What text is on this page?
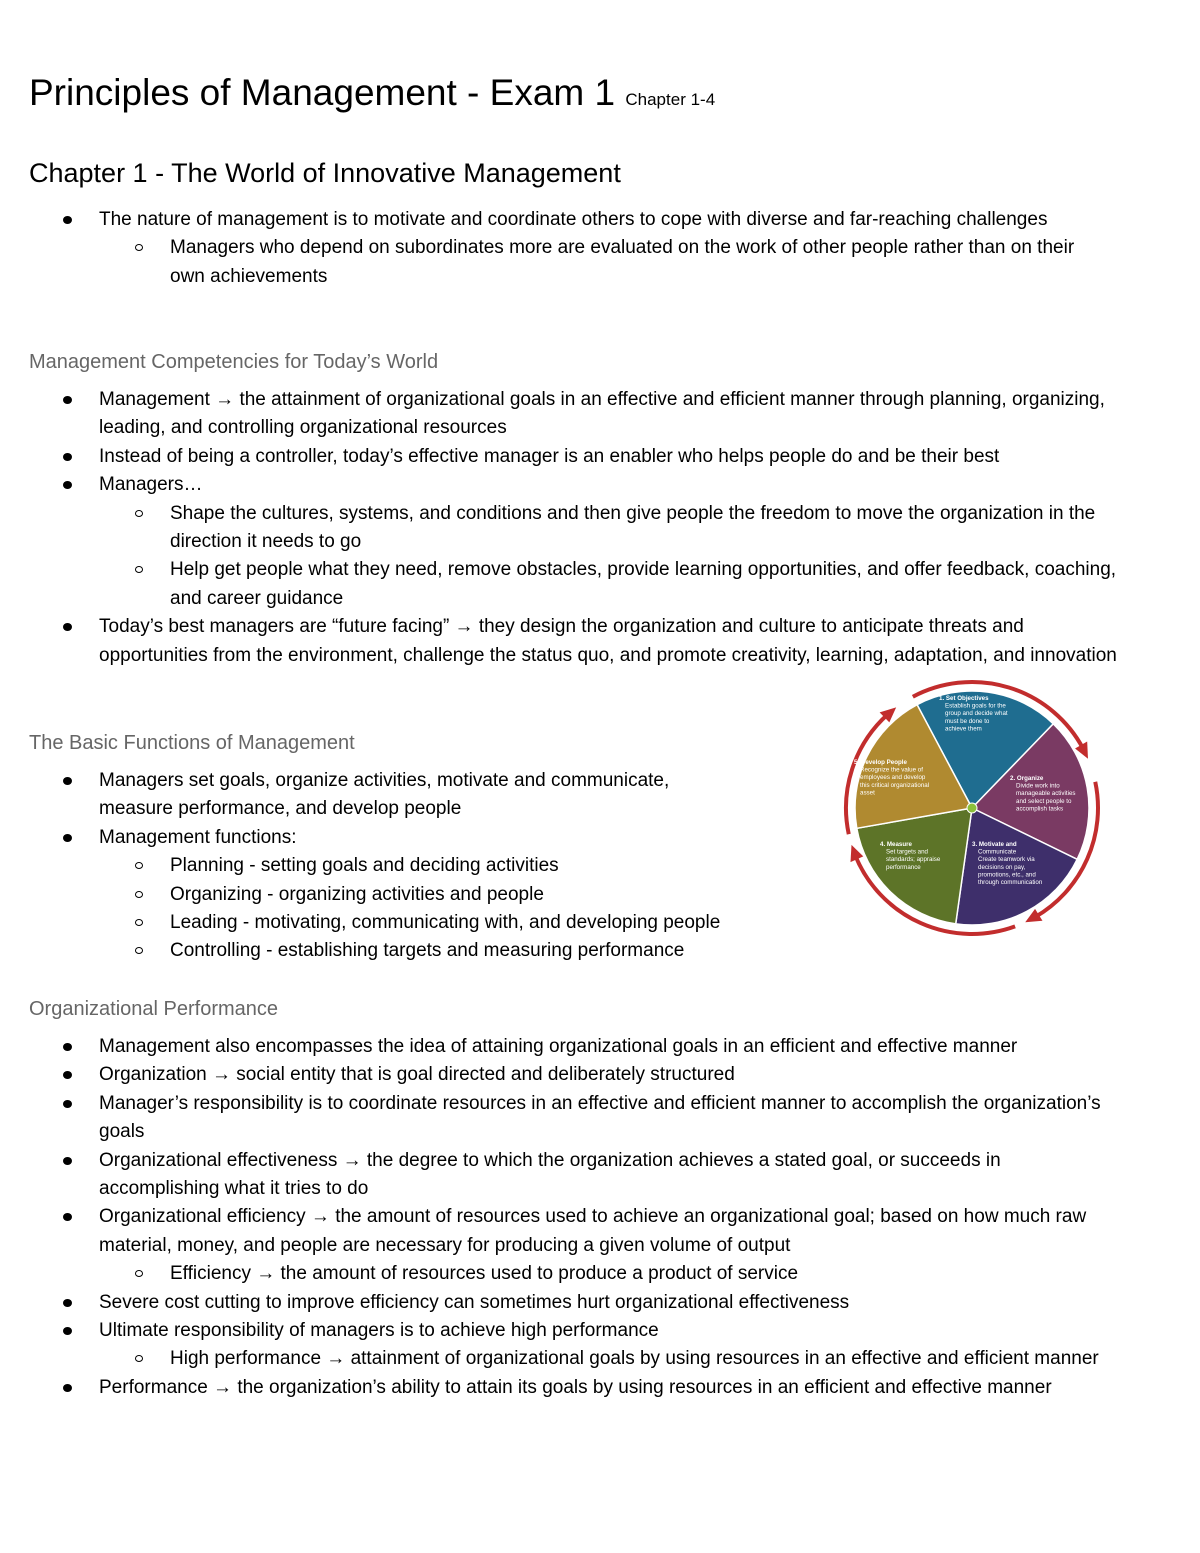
Principles of Management - Exam 1 Chapter 1-4
Chapter 1 - The World of Innovative Management
The nature of management is to motivate and coordinate others to cope with diverse and far-reaching challenges
Managers who depend on subordinates more are evaluated on the work of other people rather than on their own achievements
Management Competencies for Today’s World
Management → the attainment of organizational goals in an effective and efficient manner through planning, organizing, leading, and controlling organizational resources
Instead of being a controller, today’s effective manager is an enabler who helps people do and be their best
Managers…
Shape the cultures, systems, and conditions and then give people the freedom to move the organization in the direction it needs to go
Help get people what they need, remove obstacles, provide learning opportunities, and offer feedback, coaching, and career guidance
Today’s best managers are “future facing” → they design the organization and culture to anticipate threats and opportunities from the environment, challenge the status quo, and promote creativity, learning, adaptation, and innovation
The Basic Functions of Management
Managers set goals, organize activities, motivate and communicate, measure performance, and develop people
Management functions:
Planning - setting goals and deciding activities
Organizing - organizing activities and people
Leading - motivating, communicating with, and developing people
Controlling - establishing targets and measuring performance
Organizational Performance
Management also encompasses the idea of attaining organizational goals in an efficient and effective manner
Organization → social entity that is goal directed and deliberately structured
Manager’s responsibility is to coordinate resources in an effective and efficient manner to accomplish the organization’s goals
Organizational effectiveness → the degree to which the organization achieves a stated goal, or succeeds in accomplishing what it tries to do
Organizational efficiency → the amount of resources used to achieve an organizational goal; based on how much raw material, money, and people are necessary for producing a given volume of output
Efficiency → the amount of resources used to produce a product of service
Severe cost cutting to improve efficiency can sometimes hurt organizational effectiveness
Ultimate responsibility of managers is to achieve high performance
High performance → attainment of organizational goals by using resources in an effective and efficient manner
Performance → the organization’s ability to attain its goals by using resources in an efficient and effective manner
1. Set Objectives Establish goals for the group and decide what must be done to achieve them
2. Organize Divide work into manageable activities and select people to accomplish tasks
3. Motivate and Communicate Create teamwork via decisions on pay, promotions, etc., and through communication
4. Measure Set targets and standards; appraise performance
5. Develop People Recognize the value of employees and develop this critical organizational asset
